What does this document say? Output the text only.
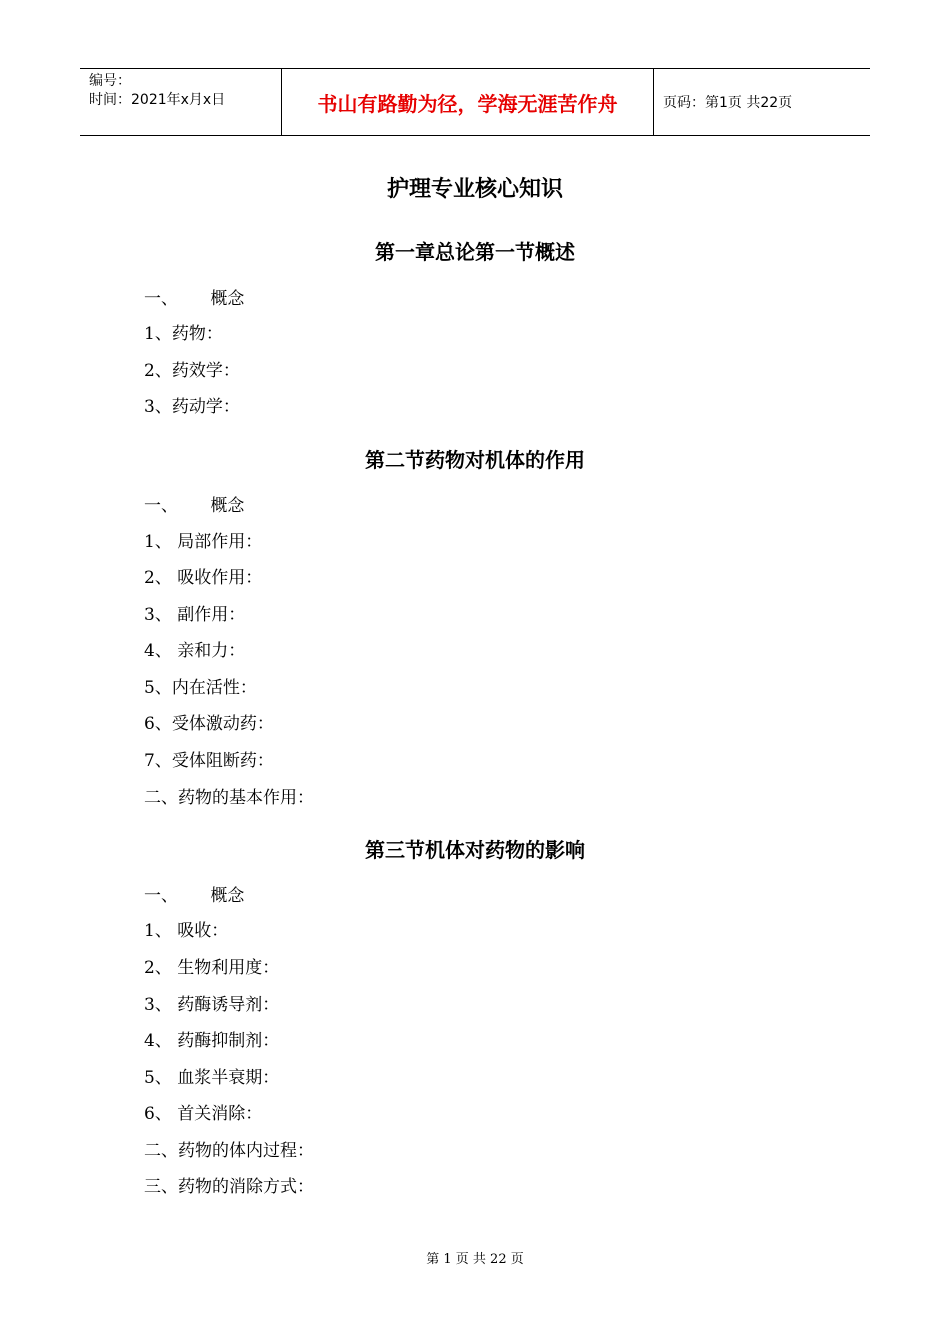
编号：
时间：2021年x月x日	书山有路勤为径，学海无涯苦作舟	页码：第1页 共22页
护理专业核心知识
第一章总论第一节概述
一、      概念
1、药物：
2、药效学：
3、药动学：
第二节药物对机体的作用
一、      概念
1、 局部作用：
2、 吸收作用：
3、 副作用：
4、 亲和力：
5、内在活性：
6、受体激动药：
7、受体阻断药：
二、药物的基本作用：
第三节机体对药物的影响
一、      概念
1、 吸收：
2、 生物利用度：
3、 药酶诱导剂：
4、 药酶抑制剂：
5、 血浆半衰期：
6、 首关消除：
二、药物的体内过程：
三、药物的消除方式：
第 1 页 共 22 页
